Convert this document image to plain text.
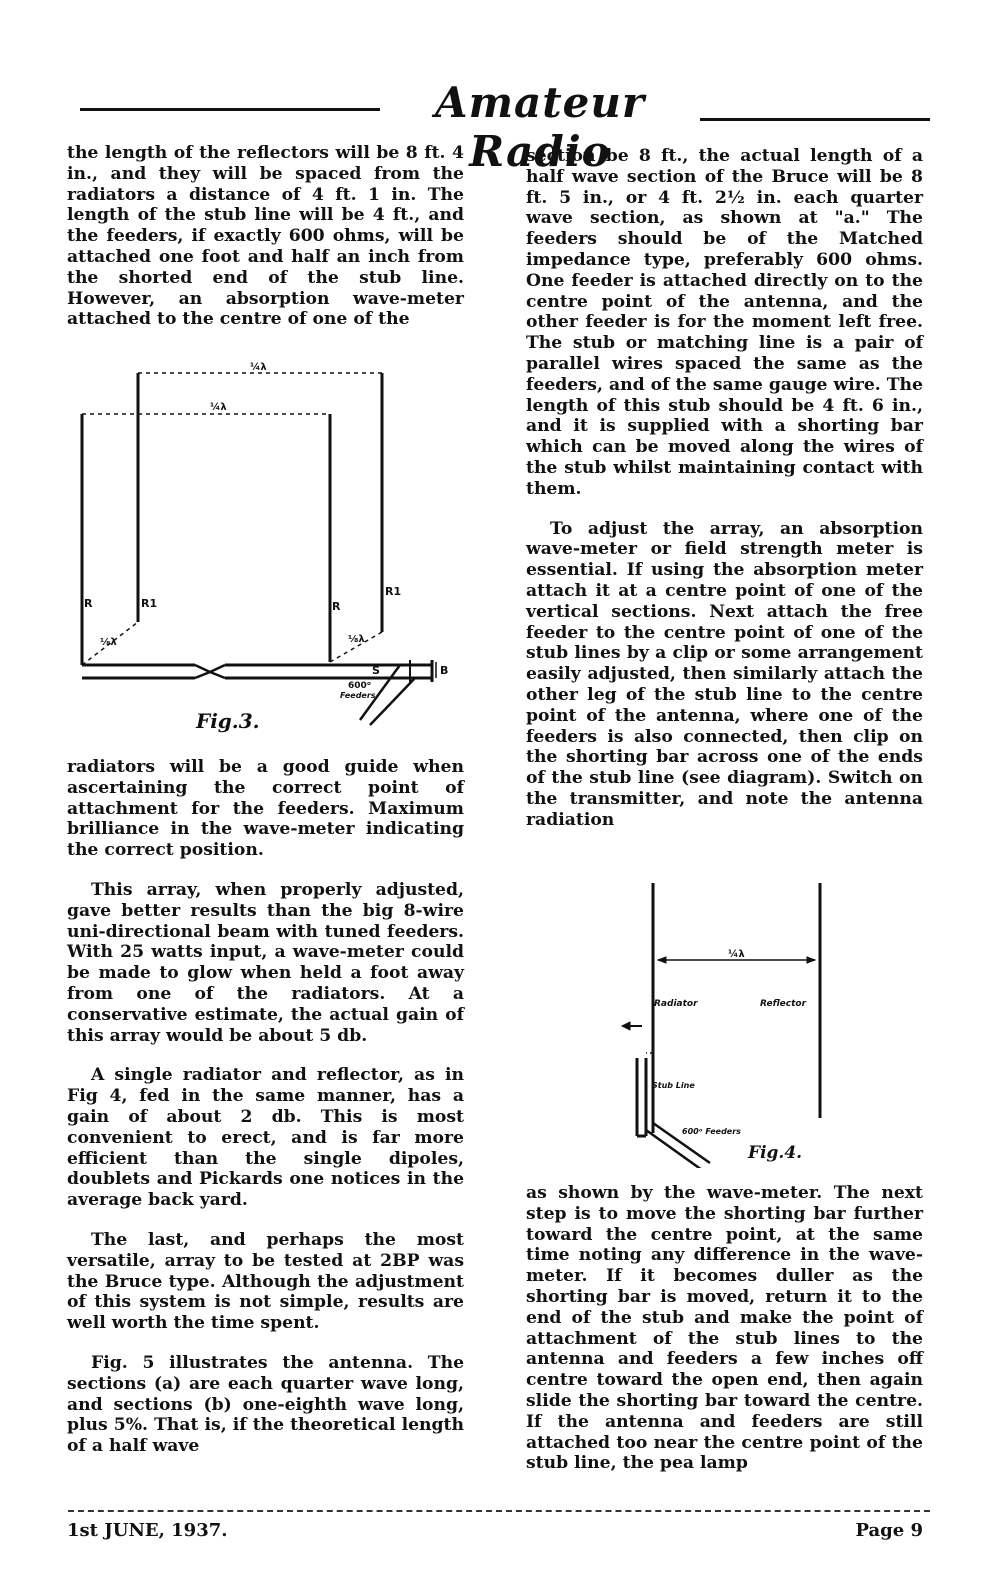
Amateur Radio

the length of the reflectors will be 8 ft. 4 in., and they will be spaced from the radiators a distance of 4 ft. 1 in. The length of the stub line will be 4 ft., and the feeders, if exactly 600 ohms, will be attached one foot and half an inch from the shorted end of the stub line. However, an absorption wave-meter attached to the centre of one of the

¼λ
¼λ
R	R1	R
R1
⅛λ	⅛λ
S	B
600ᵒ
Feeders
Fig.3.

radiators will be a good guide when ascertaining the correct point of attachment for the feeders. Maximum brilliance in the wave-meter indicating the correct position.

This array, when properly adjusted, gave better results than the big 8-wire uni-directional beam with tuned feeders. With 25 watts input, a wave-meter could be made to glow when held a foot away from one of the radiators. At a conservative estimate, the actual gain of this array would be about 5 db.

A single radiator and reflector, as in Fig 4, fed in the same manner, has a gain of about 2 db. This is most convenient to erect, and is far more efficient than the single dipoles, doublets and Pickards one notices in the average back yard.

The last, and perhaps the most versatile, array to be tested at 2BP was the Bruce type. Although the adjustment of this system is not simple, results are well worth the time spent.

Fig. 5 illustrates the antenna. The sections (a) are each quarter wave long, and sections (b) one-eighth wave long, plus 5%. That is, if the theoretical length of a half wave

section be 8 ft., the actual length of a half wave section of the Bruce will be 8 ft. 5 in., or 4 ft. 2½ in. each quarter wave section, as shown at "a." The feeders should be of the Matched impedance type, preferably 600 ohms. One feeder is attached directly on to the centre point of the antenna, and the other feeder is for the moment left free. The stub or matching line is a pair of parallel wires spaced the same as the feeders, and of the same gauge wire. The length of this stub should be 4 ft. 6 in., and it is supplied with a shorting bar which can be moved along the wires of the stub whilst maintaining contact with them.

To adjust the array, an absorption wave-meter or field strength meter is essential. If using the absorption meter attach it at a centre point of one of the vertical sections. Next attach the free feeder to the centre point of one of the stub lines by a clip or some arrangement easily adjusted, then similarly attach the other leg of the stub line to the centre point of the antenna, where one of the feeders is also connected, then clip on the shorting bar across one of the ends of the stub line (see diagram). Switch on the transmitter, and note the antenna radiation

¼λ
Radiator	Reflector
Stub Line
600ᵒ Feeders
Fig.4.

as shown by the wave-meter. The next step is to move the shorting bar further toward the centre point, at the same time noting any difference in the wave-meter. If it becomes duller as the shorting bar is moved, return it to the end of the stub and make the point of attachment of the stub lines to the antenna and feeders a few inches off centre toward the open end, then again slide the shorting bar toward the centre. If the antenna and feeders are still attached too near the centre point of the stub line, the pea lamp

1st JUNE, 1937.	Page 9
